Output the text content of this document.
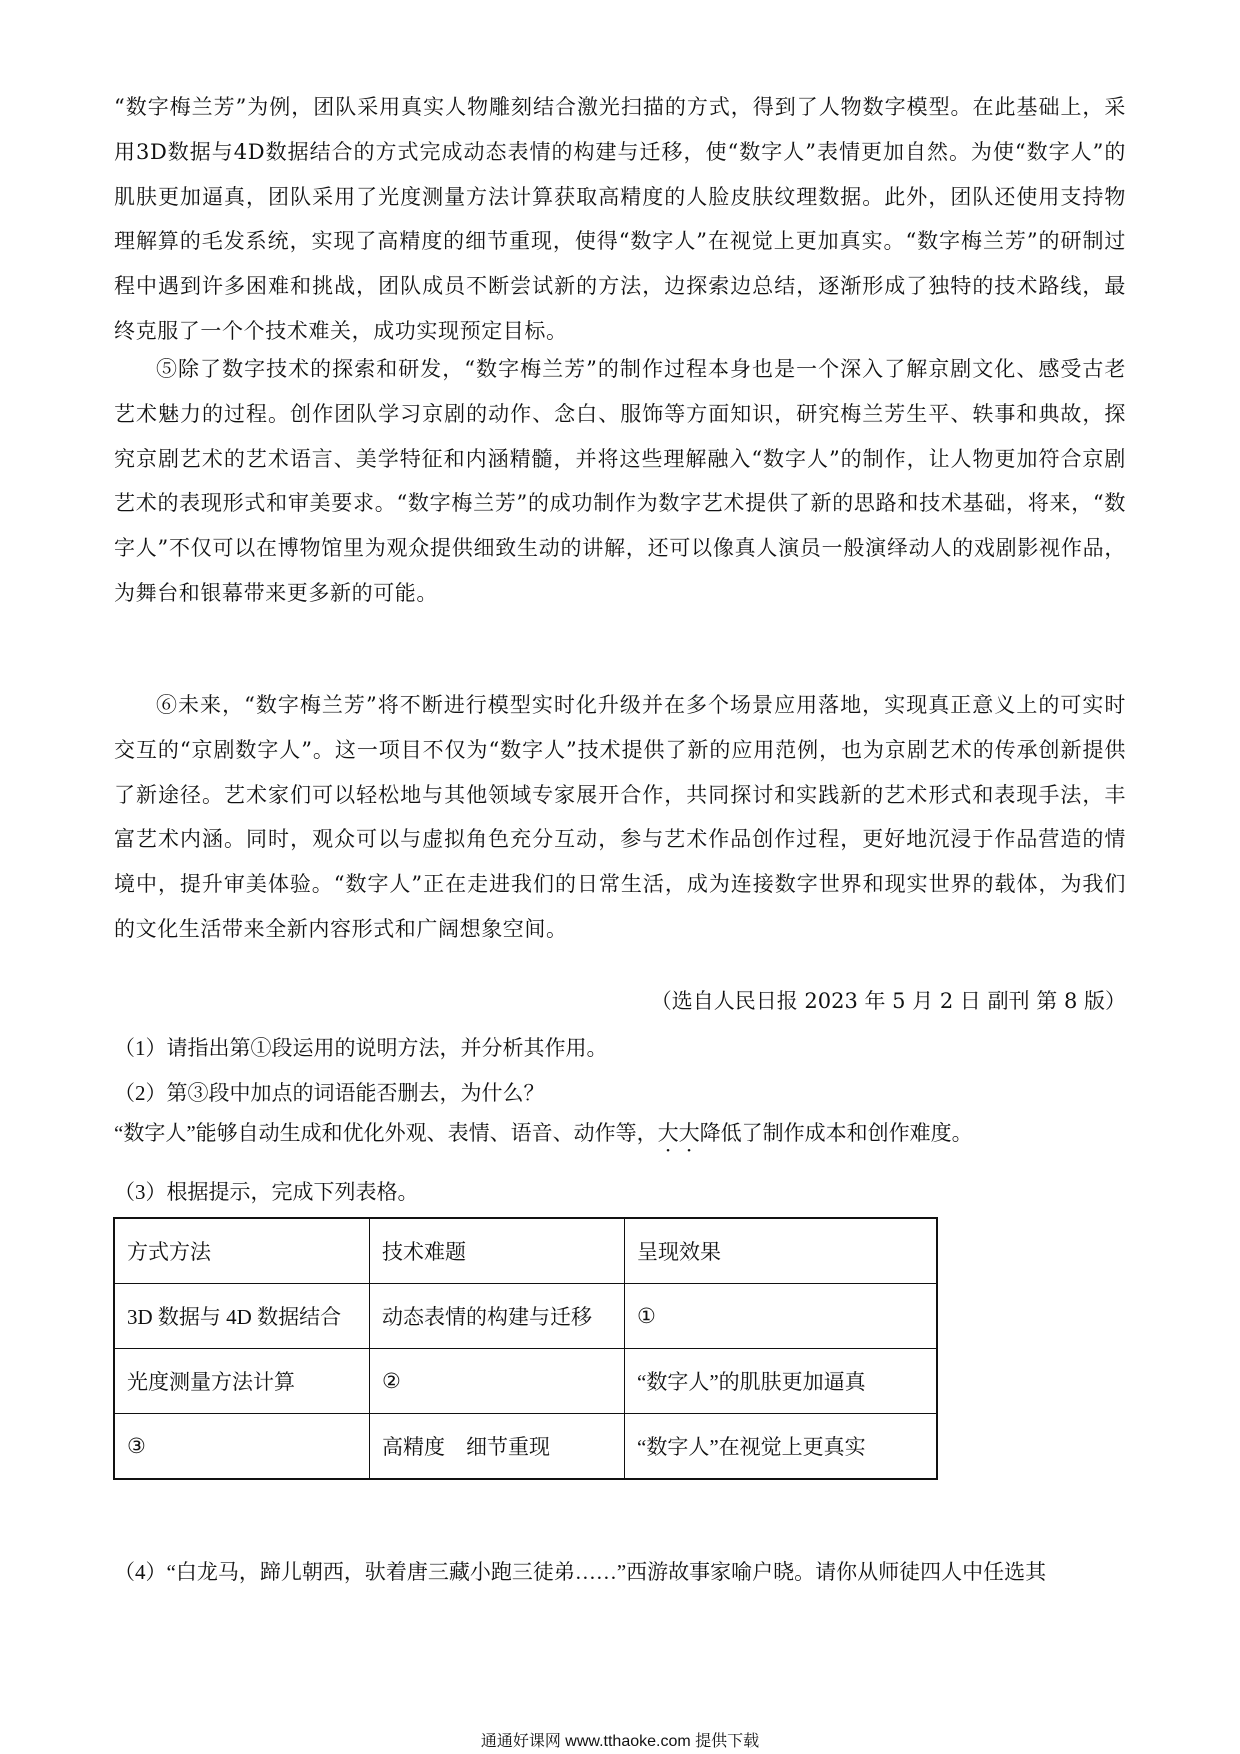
“数字梅兰芳”为例，团队采用真实人物雕刻结合激光扫描的方式，得到了人物数字模型。在此基础上，采用3D数据与4D数据结合的方式完成动态表情的构建与迁移，使“数字人”表情更加自然。为使“数字人”的肌肤更加逼真，团队采用了光度测量方法计算获取高精度的人脸皮肤纹理数据。此外，团队还使用支持物理解算的毛发系统，实现了高精度的细节重现，使得“数字人”在视觉上更加真实。“数字梅兰芳”的研制过程中遇到许多困难和挑战，团队成员不断尝试新的方法，边探索边总结，逐渐形成了独特的技术路线，最终克服了一个个技术难关，成功实现预定目标。

⑤除了数字技术的探索和研发，“数字梅兰芳”的制作过程本身也是一个深入了解京剧文化、感受古老艺术魅力的过程。创作团队学习京剧的动作、念白、服饰等方面知识，研究梅兰芳生平、轶事和典故，探究京剧艺术的艺术语言、美学特征和内涵精髓，并将这些理解融入“数字人”的制作，让人物更加符合京剧艺术的表现形式和审美要求。“数字梅兰芳”的成功制作为数字艺术提供了新的思路和技术基础，将来，“数字人”不仅可以在博物馆里为观众提供细致生动的讲解，还可以像真人演员一般演绎动人的戏剧影视作品，为舞台和银幕带来更多新的可能。

⑥未来，“数字梅兰芳”将不断进行模型实时化升级并在多个场景应用落地，实现真正意义上的可实时交互的“京剧数字人”。这一项目不仅为“数字人”技术提供了新的应用范例，也为京剧艺术的传承创新提供了新途径。艺术家们可以轻松地与其他领域专家展开合作，共同探讨和实践新的艺术形式和表现手法，丰富艺术内涵。同时，观众可以与虚拟角色充分互动，参与艺术作品创作过程，更好地沉浸于作品营造的情境中，提升审美体验。“数字人”正在走进我们的日常生活，成为连接数字世界和现实世界的载体，为我们的文化生活带来全新内容形式和广阔想象空间。

（选自人民日报 2023 年 5 月 2 日 副刊 第 8 版）
（1）请指出第①段运用的说明方法，并分析其作用。
（2）第③段中加点的词语能否删去，为什么？
“数字人”能够自动生成和优化外观、表情、语音、动作等，大大降低了制作成本和创作难度。
（3）根据提示，完成下列表格。
方式方法	技术难题	呈现效果
3D 数据与 4D 数据结合	动态表情的构建与迁移	①
光度测量方法计算	②	“数字人”的肌肤更加逼真
③	高精度　细节重现	“数字人”在视觉上更真实
（4）“白龙马，蹄儿朝西，驮着唐三藏小跑三徒弟……”西游故事家喻户晓。请你从师徒四人中任选其
通通好课网 www.tthaoke.com 提供下载
